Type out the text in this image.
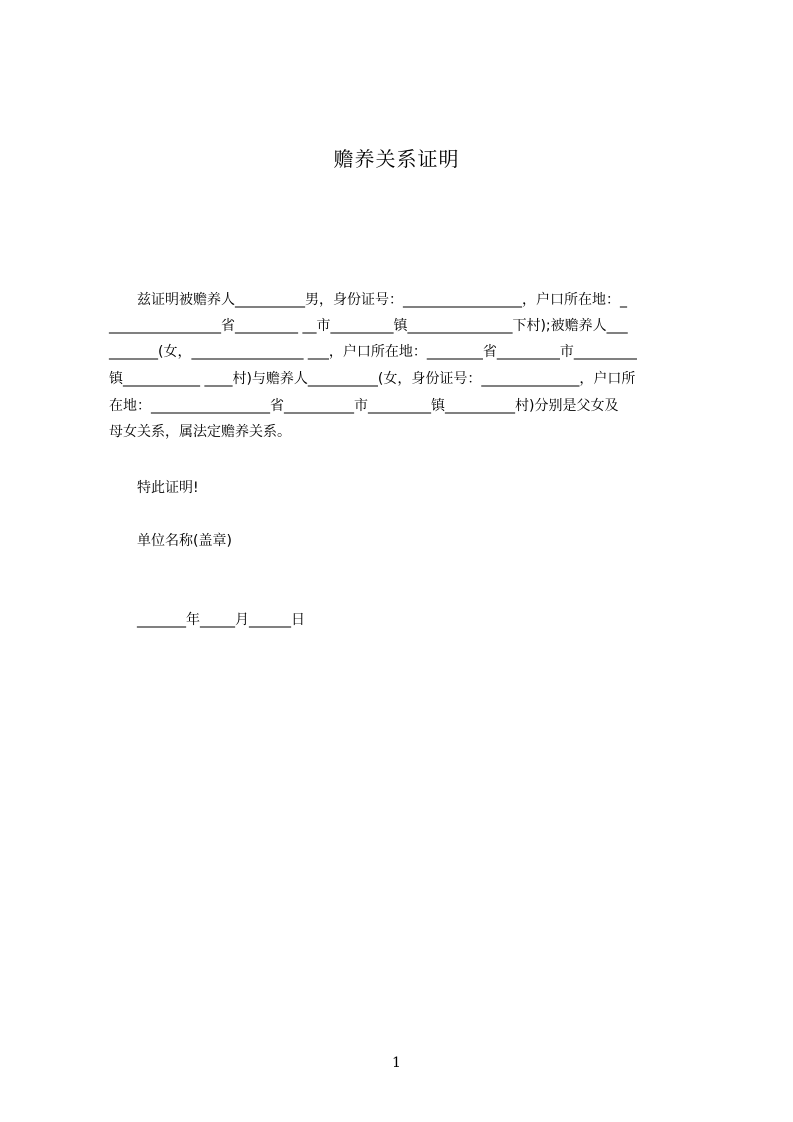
赡养关系证明
　　兹证明被赡养人__________男，身份证号：_________________，户口所在地：_
________________省_________ __市_________镇_______________下村);被赡养人___
_______(女，________________ ___，户口所在地：________省_________市_________
镇___________ ____村)与赡养人__________(女，身份证号：______________，户口所
在地：_________________省__________市_________镇__________村)分别是父女及
母女关系，属法定赡养关系。
特此证明!
单位名称(盖章)
_______年_____月______日
1
